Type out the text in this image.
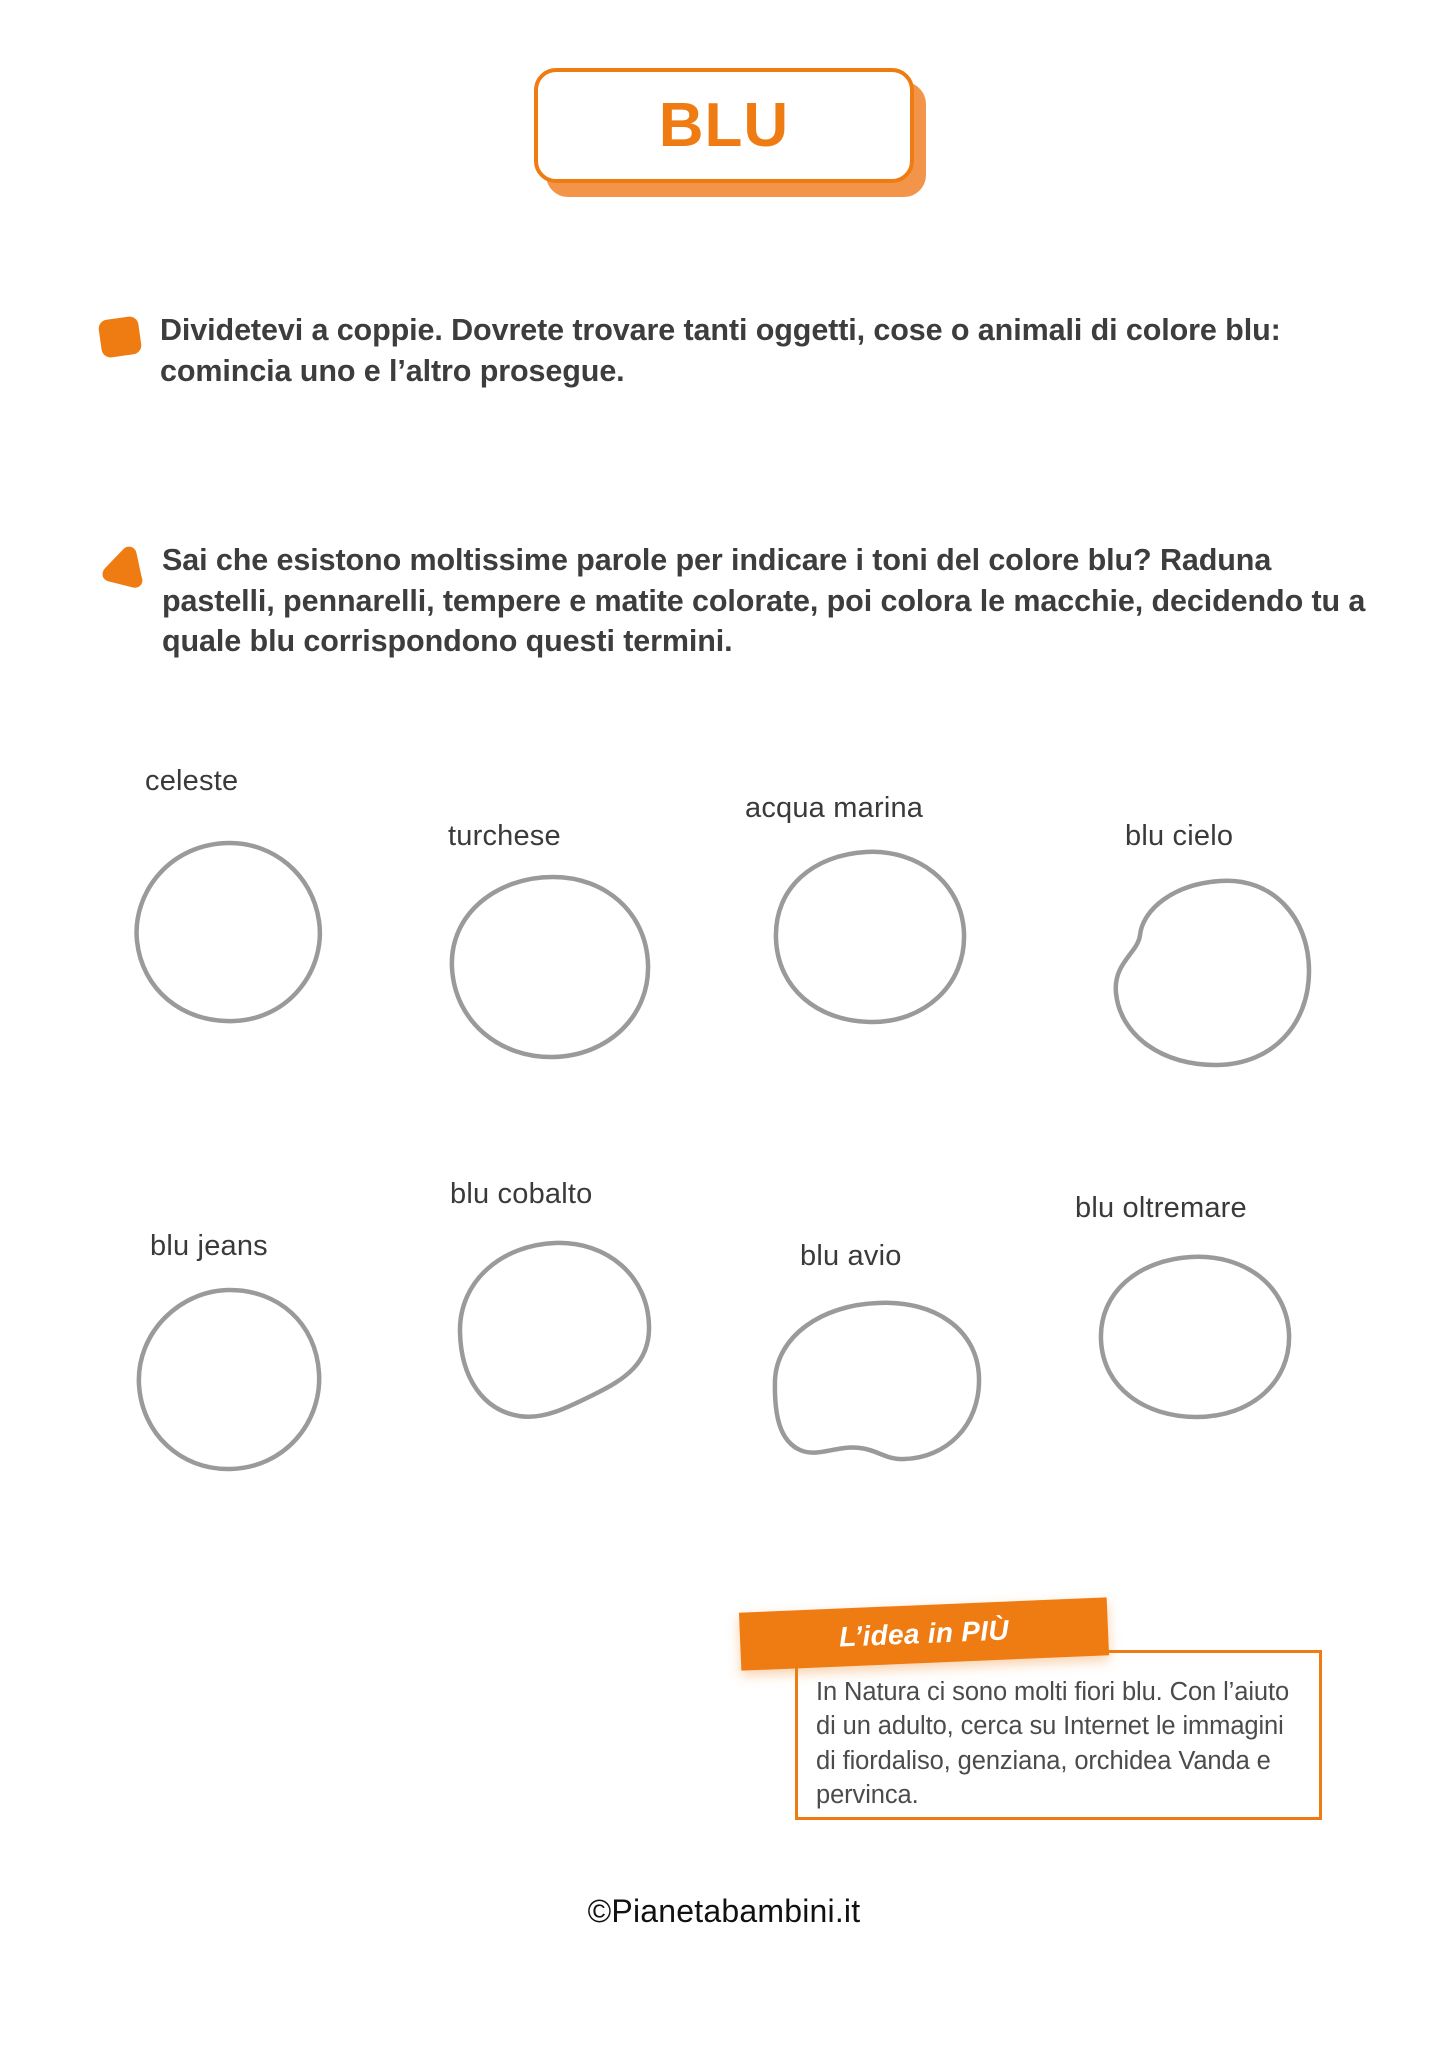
BLU
Dividetevi a coppie. Dovrete trovare tanti oggetti, cose o animali di colore blu: comincia uno e l’altro prosegue.
Sai che esistono moltissime parole per indicare i toni del colore blu? Raduna pastelli, pennarelli, tempere e matite colorate, poi colora le macchie, decidendo tu a quale blu corrispondono questi termini.
celeste
turchese
acqua marina
blu cielo
blu jeans
blu cobalto
blu avio
blu oltremare
In Natura ci sono molti fiori blu. Con l’aiuto di un adulto, cerca su Internet le immagini di fiordaliso, genziana, orchidea Vanda e pervinca.
L’idea in PIÙ
©Pianetabambini.it
